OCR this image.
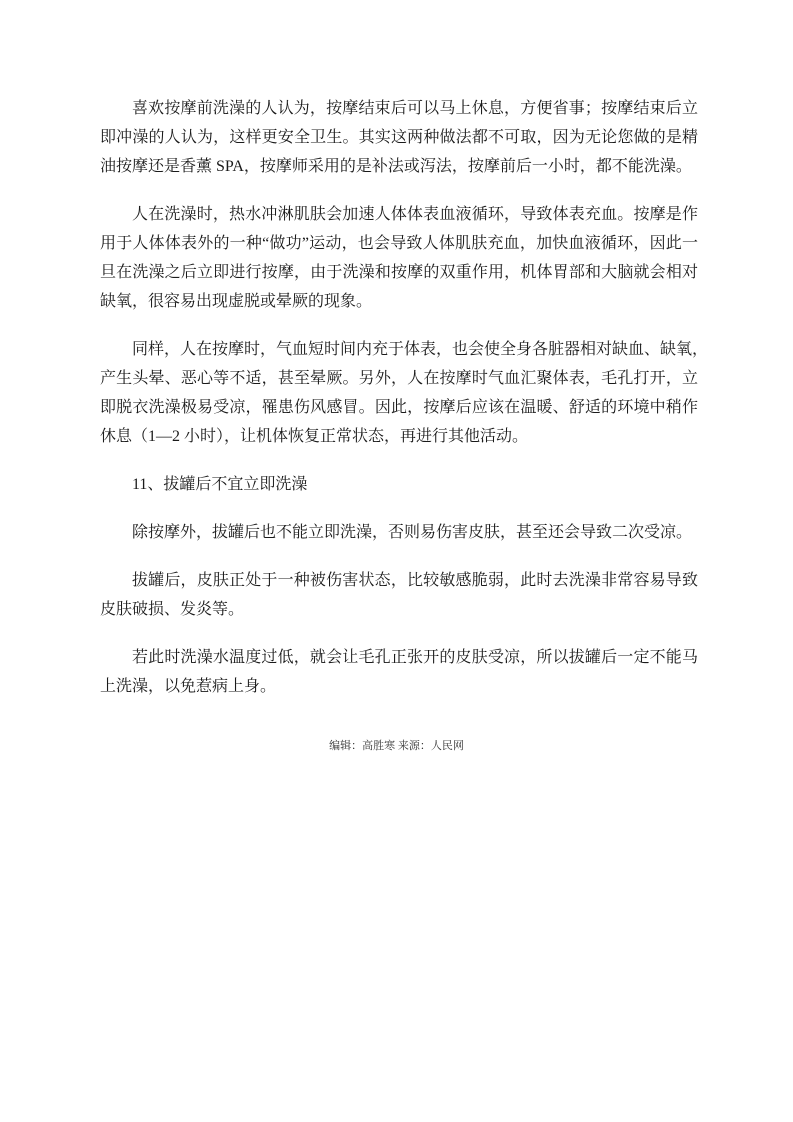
喜欢按摩前洗澡的人认为，按摩结束后可以马上休息，方便省事；按摩结束后立
即冲澡的人认为，这样更安全卫生。其实这两种做法都不可取，因为无论您做的是精
油按摩还是香薰 SPA，按摩师采用的是补法或泻法，按摩前后一小时，都不能洗澡。
人在洗澡时，热水冲淋肌肤会加速人体体表血液循环，导致体表充血。按摩是作
用于人体体表外的一种“做功”运动，也会导致人体肌肤充血，加快血液循环，因此一
旦在洗澡之后立即进行按摩，由于洗澡和按摩的双重作用，机体胃部和大脑就会相对
缺氧，很容易出现虚脱或晕厥的现象。
同样，人在按摩时，气血短时间内充于体表，也会使全身各脏器相对缺血、缺氧，
产生头晕、恶心等不适，甚至晕厥。另外，人在按摩时气血汇聚体表，毛孔打开，立
即脱衣洗澡极易受凉，罹患伤风感冒。因此，按摩后应该在温暖、舒适的环境中稍作
休息（1—2 小时），让机体恢复正常状态，再进行其他活动。
11、拔罐后不宜立即洗澡
除按摩外，拔罐后也不能立即洗澡，否则易伤害皮肤，甚至还会导致二次受凉。
拔罐后，皮肤正处于一种被伤害状态，比较敏感脆弱，此时去洗澡非常容易导致
皮肤破损、发炎等。
若此时洗澡水温度过低，就会让毛孔正张开的皮肤受凉，所以拔罐后一定不能马
上洗澡，以免惹病上身。
编辑：高胜寒 来源：人民网
